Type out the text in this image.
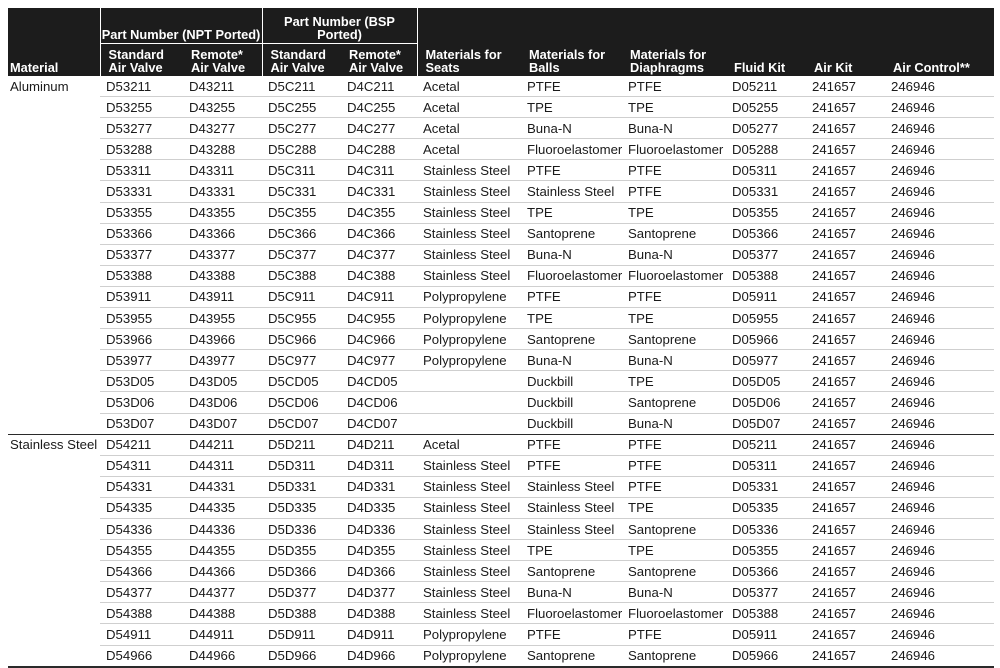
Material	Part Number (NPT Ported)		Part Number (BSP Ported)		Materials for Seats	Materials for Balls	Materials for Diaphragms	Fluid Kit	Air Kit	Air Control**
	Standard Air Valve	Remote* Air Valve	Standard Air Valve	Remote* Air Valve						
Aluminum	D53211	D43211	D5C211	D4C211	Acetal	PTFE	PTFE	D05211	241657	246946
	D53255	D43255	D5C255	D4C255	Acetal	TPE	TPE	D05255	241657	246946
	D53277	D43277	D5C277	D4C277	Acetal	Buna-N	Buna-N	D05277	241657	246946
	D53288	D43288	D5C288	D4C288	Acetal	Fluoroelastomer	Fluoroelastomer	D05288	241657	246946
	D53311	D43311	D5C311	D4C311	Stainless Steel	PTFE	PTFE	D05311	241657	246946
	D53331	D43331	D5C331	D4C331	Stainless Steel	Stainless Steel	PTFE	D05331	241657	246946
	D53355	D43355	D5C355	D4C355	Stainless Steel	TPE	TPE	D05355	241657	246946
	D53366	D43366	D5C366	D4C366	Stainless Steel	Santoprene	Santoprene	D05366	241657	246946
	D53377	D43377	D5C377	D4C377	Stainless Steel	Buna-N	Buna-N	D05377	241657	246946
	D53388	D43388	D5C388	D4C388	Stainless Steel	Fluoroelastomer	Fluoroelastomer	D05388	241657	246946
	D53911	D43911	D5C911	D4C911	Polypropylene	PTFE	PTFE	D05911	241657	246946
	D53955	D43955	D5C955	D4C955	Polypropylene	TPE	TPE	D05955	241657	246946
	D53966	D43966	D5C966	D4C966	Polypropylene	Santoprene	Santoprene	D05966	241657	246946
	D53977	D43977	D5C977	D4C977	Polypropylene	Buna-N	Buna-N	D05977	241657	246946
	D53D05	D43D05	D5CD05	D4CD05		Duckbill	TPE	D05D05	241657	246946
	D53D06	D43D06	D5CD06	D4CD06		Duckbill	Santoprene	D05D06	241657	246946
	D53D07	D43D07	D5CD07	D4CD07		Duckbill	Buna-N	D05D07	241657	246946
Stainless Steel	D54211	D44211	D5D211	D4D211	Acetal	PTFE	PTFE	D05211	241657	246946
	D54311	D44311	D5D311	D4D311	Stainless Steel	PTFE	PTFE	D05311	241657	246946
	D54331	D44331	D5D331	D4D331	Stainless Steel	Stainless Steel	PTFE	D05331	241657	246946
	D54335	D44335	D5D335	D4D335	Stainless Steel	Stainless Steel	TPE	D05335	241657	246946
	D54336	D44336	D5D336	D4D336	Stainless Steel	Stainless Steel	Santoprene	D05336	241657	246946
	D54355	D44355	D5D355	D4D355	Stainless Steel	TPE	TPE	D05355	241657	246946
	D54366	D44366	D5D366	D4D366	Stainless Steel	Santoprene	Santoprene	D05366	241657	246946
	D54377	D44377	D5D377	D4D377	Stainless Steel	Buna-N	Buna-N	D05377	241657	246946
	D54388	D44388	D5D388	D4D388	Stainless Steel	Fluoroelastomer	Fluoroelastomer	D05388	241657	246946
	D54911	D44911	D5D911	D4D911	Polypropylene	PTFE	PTFE	D05911	241657	246946
	D54966	D44966	D5D966	D4D966	Polypropylene	Santoprene	Santoprene	D05966	241657	246946
